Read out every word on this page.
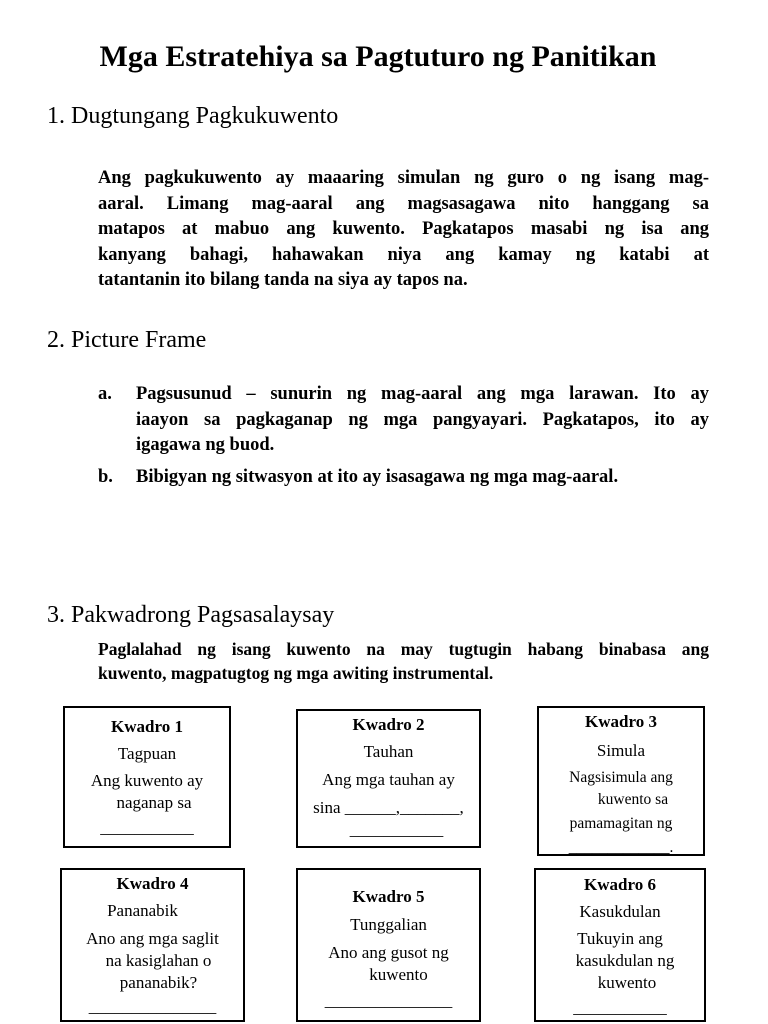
Mga Estratehiya sa Pagtuturo ng Panitikan
1. Dugtungang Pagkukuwento
Ang pagkukuwento ay maaaring simulan ng guro o ng isang mag-
aaral. Limang mag-aaral ang magsasagawa nito hanggang sa
matapos at mabuo ang kuwento. Pagkatapos masabi ng isa ang
kanyang bahagi, hahawakan niya ang kamay ng katabi at
tatantanin ito bilang tanda na siya ay tapos na.
2. Picture Frame
a. Pagsusunud – sunurin ng mag-aaral ang mga larawan. Ito ay
iaayon sa pagkaganap ng mga pangyayari. Pagkatapos, ito ay
igagawa ng buod.
b. Bibigyan ng sitwasyon at ito ay isasagawa ng mga mag-aaral.
3. Pakwadrong Pagsasalaysay
Paglalahad ng isang kuwento na may tugtugin habang binabasa ang
kuwento, magpatugtog ng mga awiting instrumental.
Kwadro 1
Tagpuan
Ang kuwento ay
naganap sa
___________
Kwadro 2
Tauhan
Ang mga tauhan ay
sina ______,_______,
___________
Kwadro 3
Simula
Nagsisimula ang
kuwento sa
pamamagitan ng
_____________.
Kwadro 4
Pananabik
Ano ang mga saglit
na kasiglahan o
pananabik?
_______________
Kwadro 5
Tunggalian
Ano ang gusot ng
kuwento
_______________
Kwadro 6
Kasukdulan
Tukuyin ang
kasukdulan ng
kuwento
___________
